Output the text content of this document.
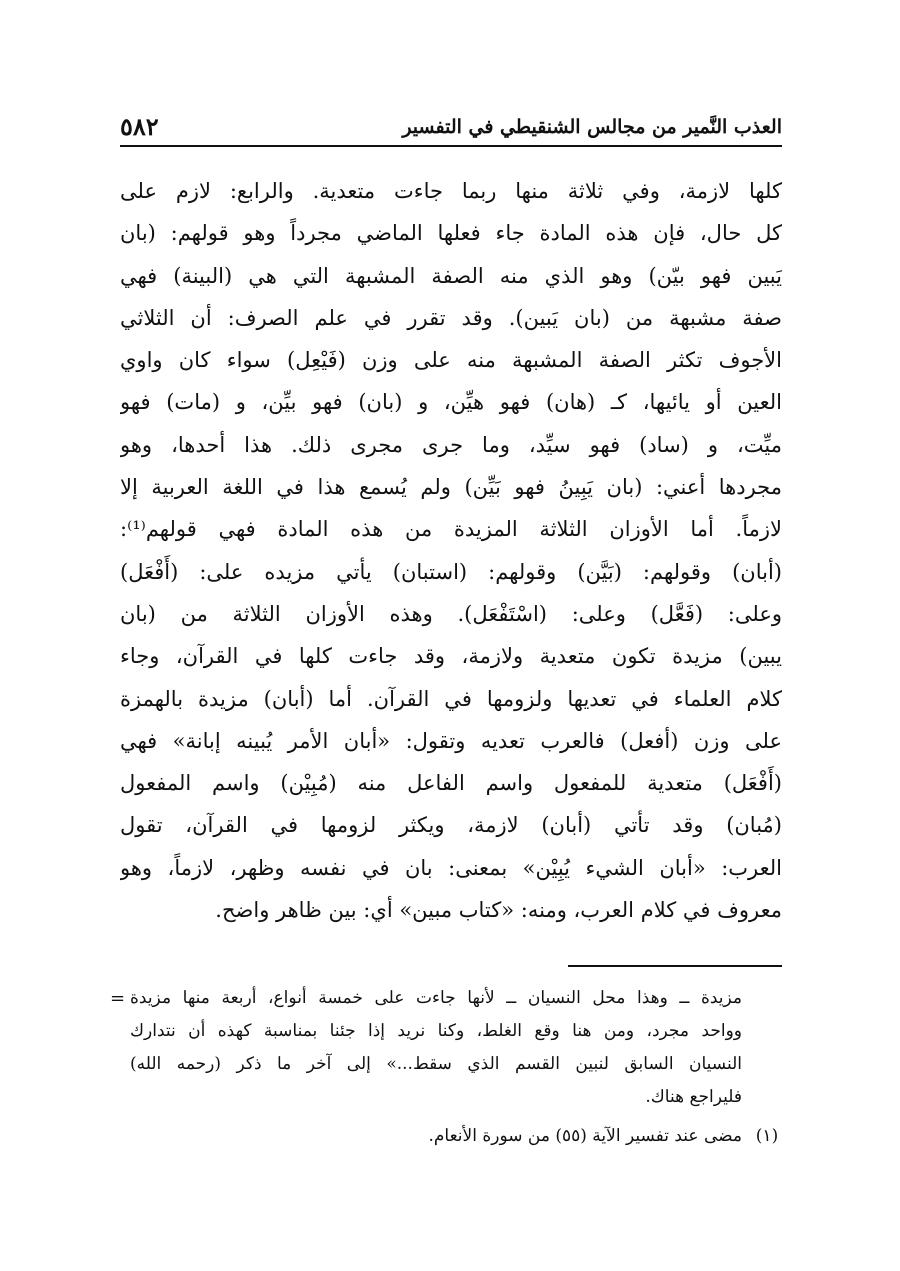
العذب النَّمير من مجالس الشنقيطي في التفسير
٥٨٢
كلها لازمة، وفي ثلاثة منها ربما جاءت متعدية. والرابع: لازم على
كل حال، فإن هذه المادة جاء فعلها الماضي مجرداً وهو قولهم: (بان
يَبين فهو بيّن) وهو الذي منه الصفة المشبهة التي هي (البينة) فهي
صفة مشبهة من (بان يَبين). وقد تقرر في علم الصرف: أن الثلاثي
الأجوف تكثر الصفة المشبهة منه على وزن (فَيْعِل) سواء كان واوي
العين أو يائيها، كـ (هان) فهو هيِّن، و (بان) فهو بيِّن، و (مات) فهو
ميِّت، و (ساد) فهو سيِّد، وما جرى مجرى ذلك. هذا أحدها، وهو
مجردها أعني: (بان يَبِينُ فهو بَيِّن) ولم يُسمع هذا في اللغة العربية إلا
لازماً. أما الأوزان الثلاثة المزيدة من هذه المادة فهي قولهم⁽¹⁾:
(أبان) وقولهم: (بَيَّن) وقولهم: (استبان) يأتي مزيده على: (أَفْعَل)
وعلى: (فَعَّل) وعلى: (اسْتَفْعَل). وهذه الأوزان الثلاثة من (بان
يبين) مزيدة تكون متعدية ولازمة، وقد جاءت كلها في القرآن، وجاء
كلام العلماء في تعديها ولزومها في القرآن. أما (أبان) مزيدة بالهمزة
على وزن (أفعل) فالعرب تعديه وتقول: «أبان الأمر يُبينه إبانة» فهي
(أَفْعَل) متعدية للمفعول واسم الفاعل منه (مُبِيْن) واسم المفعول
(مُبان) وقد تأتي (أبان) لازمة، ويكثر لزومها في القرآن، تقول
العرب: «أبان الشيء يُبِيْن» بمعنى: بان في نفسه وظهر، لازماً، وهو
معروف في كلام العرب، ومنه: «كتاب مبين» أي: بين ظاهر واضح.
= مزيدة ــ وهذا محل النسيان ــ لأنها جاءت على خمسة أنواع، أربعة منها مزيدة
وواحد مجرد، ومن هنا وقع الغلط، وكنا نريد إذا جئنا بمناسبة كهذه أن نتدارك
النسيان السابق لنبين القسم الذي سقط...» إلى آخر ما ذكر (رحمه الله)
فليراجع هناك.
(١)
مضى عند تفسير الآية (٥٥) من سورة الأنعام.
